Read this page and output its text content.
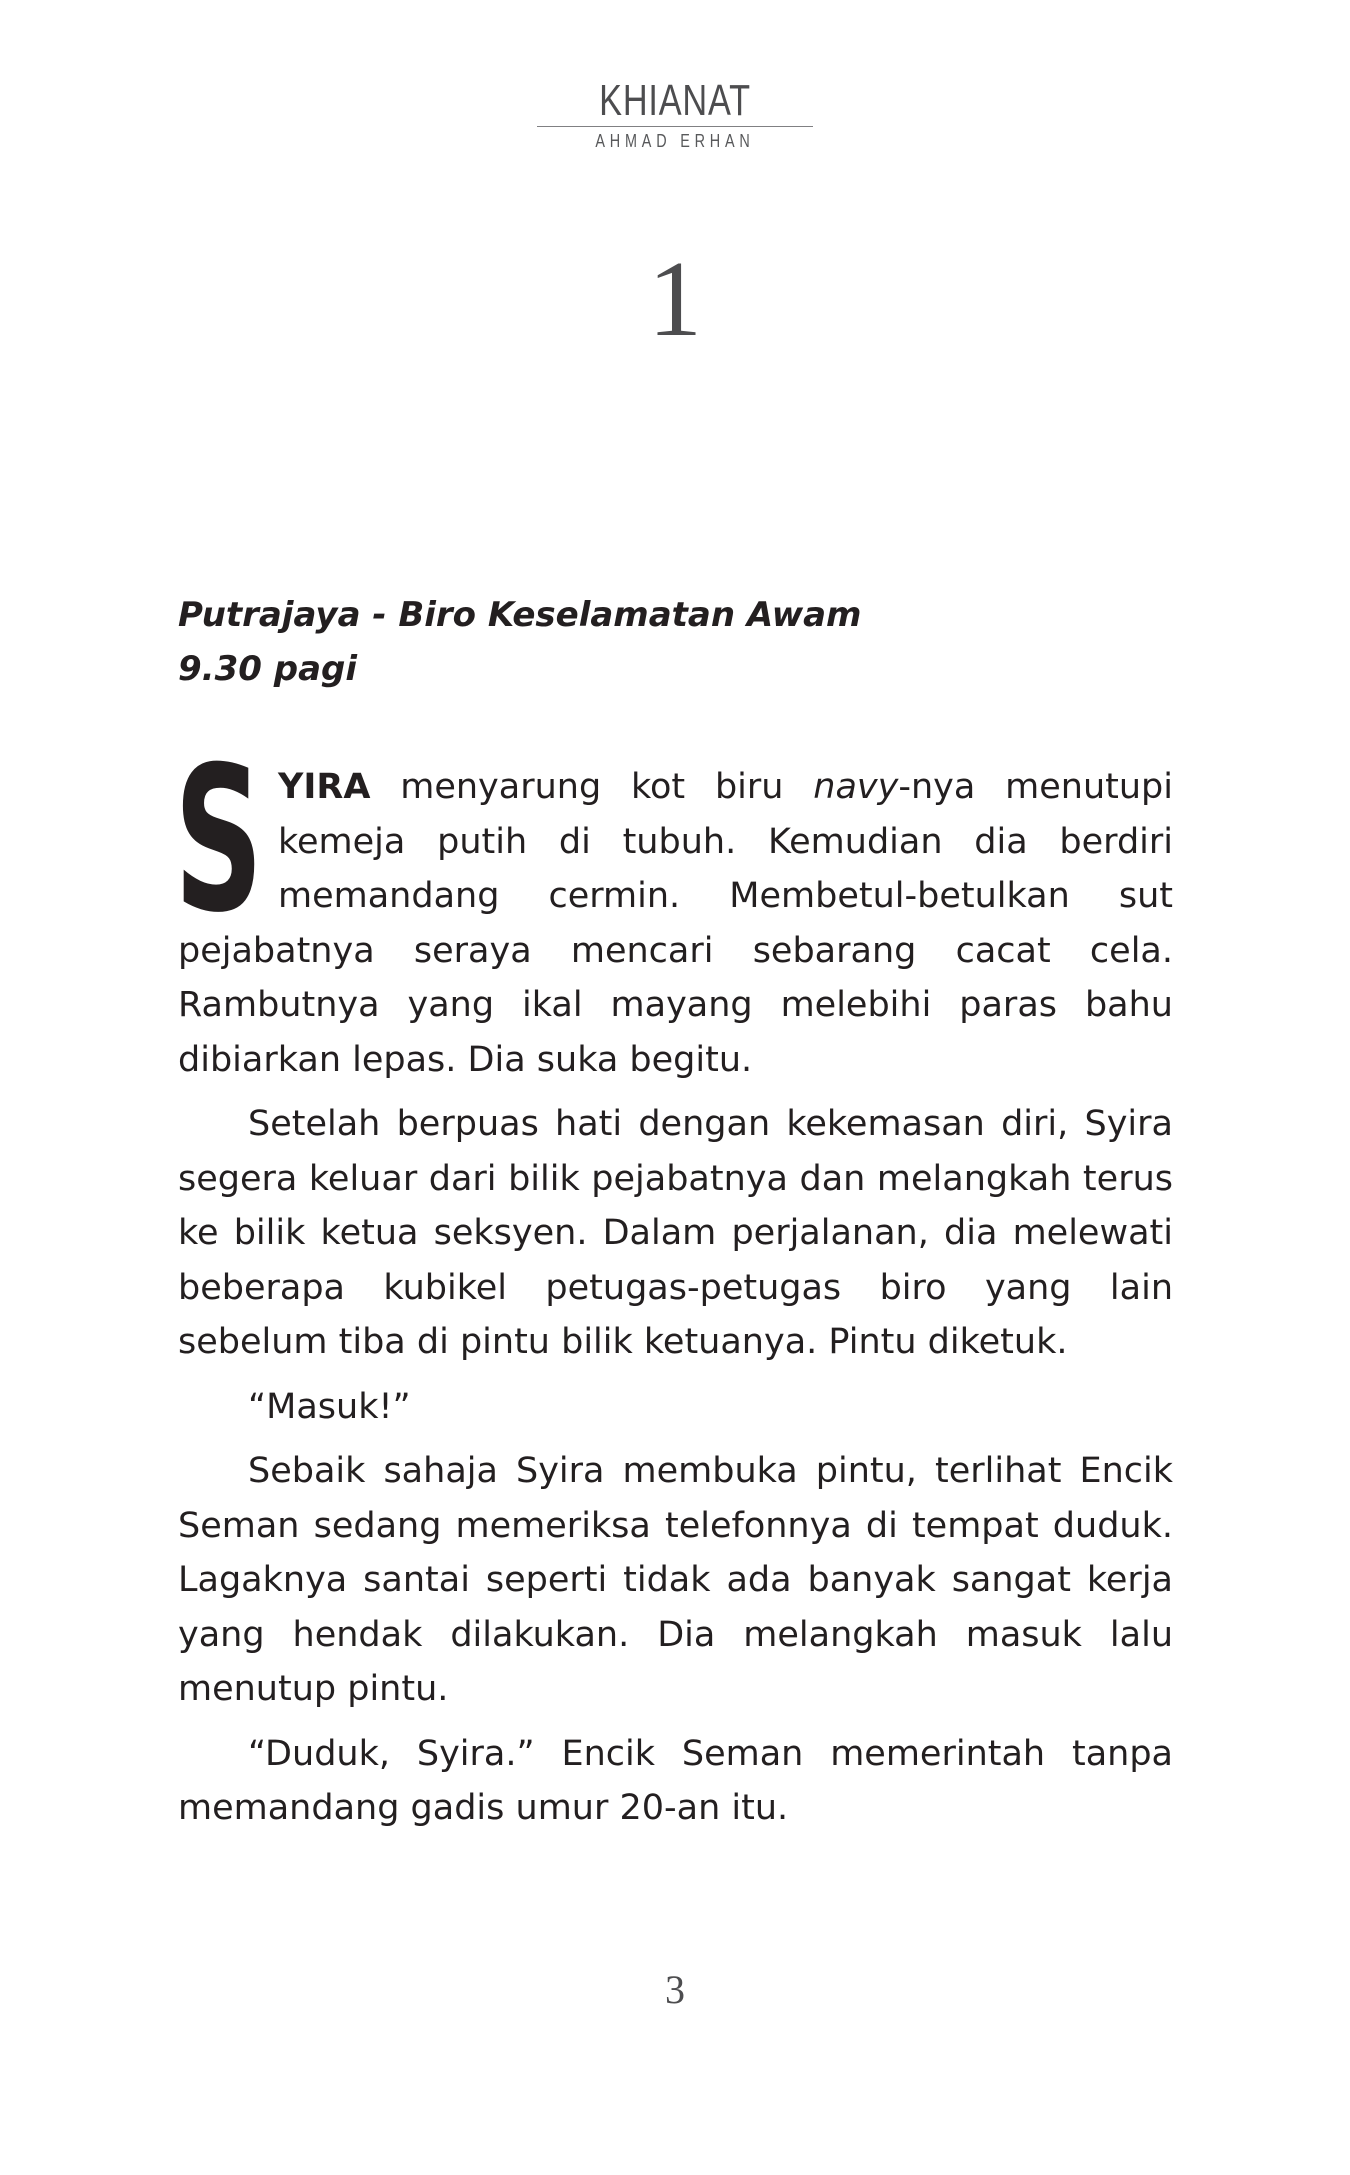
KHIANAT
AHMAD ERHAN
1
Putrajaya - Biro Keselamatan Awam
9.30 pagi

SYIRA menyarung kot biru navy-nya menutupi kemeja putih di tubuh. Kemudian dia berdiri memandang cermin. Membetul-betulkan sut pejabatnya seraya mencari sebarang cacat cela. Rambutnya yang ikal mayang melebihi paras bahu dibiarkan lepas. Dia suka begitu.

Setelah berpuas hati dengan kekemasan diri, Syira segera keluar dari bilik pejabatnya dan melangkah terus ke bilik ketua seksyen. Dalam perjalanan, dia melewati beberapa kubikel petugas-petugas biro yang lain sebelum tiba di pintu bilik ketuanya. Pintu diketuk.

“Masuk!”

Sebaik sahaja Syira membuka pintu, terlihat Encik Seman sedang memeriksa telefonnya di tempat duduk. Lagaknya santai seperti tidak ada banyak sangat kerja yang hendak dilakukan. Dia melangkah masuk lalu menutup pintu.

“Duduk, Syira.” Encik Seman memerintah tanpa memandang gadis umur 20-an itu.

3
